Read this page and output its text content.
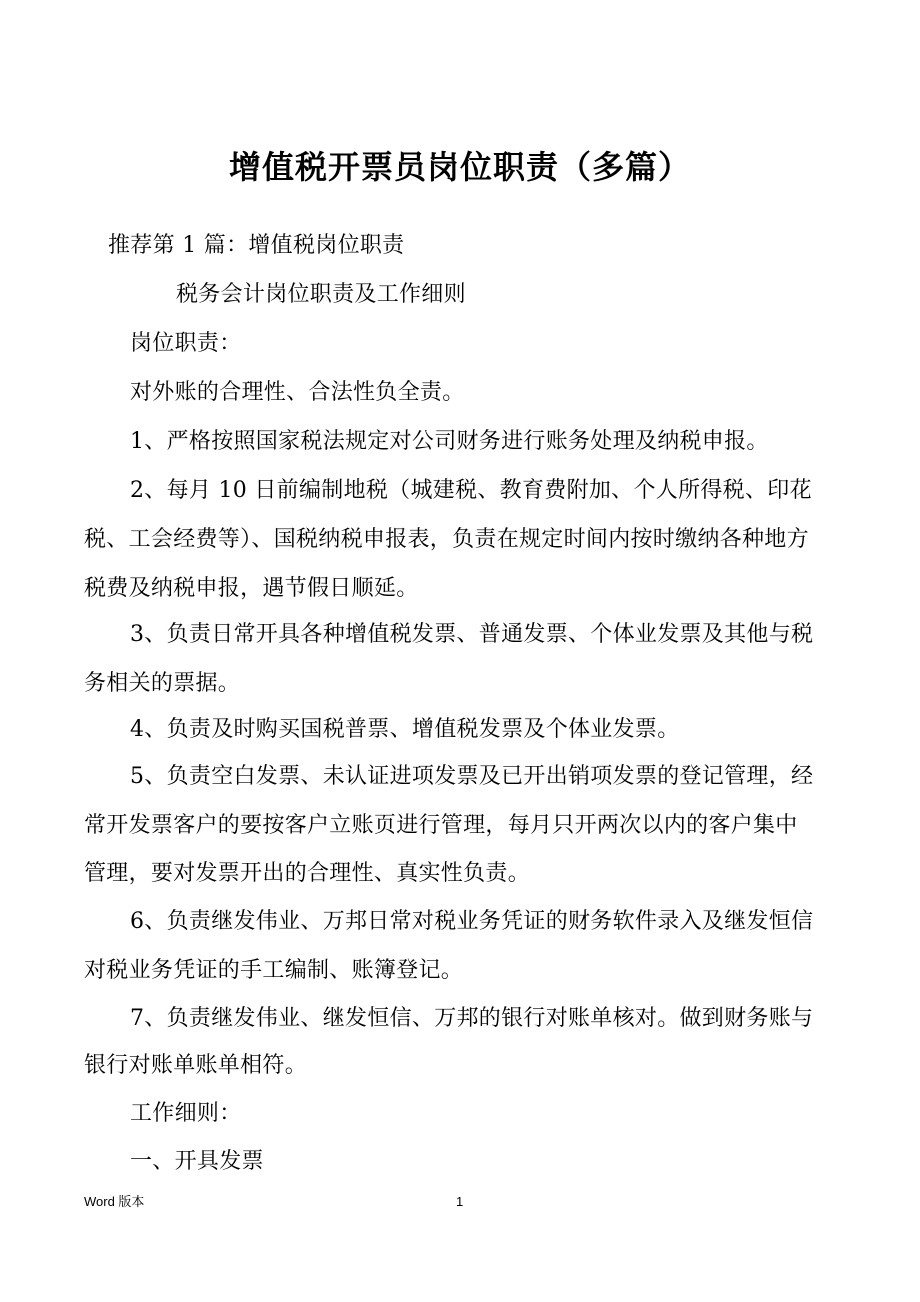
增值税开票员岗位职责（多篇）
推荐第 1 篇：增值税岗位职责
税务会计岗位职责及工作细则
岗位职责：
对外账的合理性、合法性负全责。
1、严格按照国家税法规定对公司财务进行账务处理及纳税申报。
2、每月 10 日前编制地税（城建税、教育费附加、个人所得税、印花
税、工会经费等）、国税纳税申报表，负责在规定时间内按时缴纳各种地方
税费及纳税申报，遇节假日顺延。
3、负责日常开具各种增值税发票、普通发票、个体业发票及其他与税
务相关的票据。
4、负责及时购买国税普票、增值税发票及个体业发票。
5、负责空白发票、未认证进项发票及已开出销项发票的登记管理，经
常开发票客户的要按客户立账页进行管理，每月只开两次以内的客户集中
管理，要对发票开出的合理性、真实性负责。
6、负责继发伟业、万邦日常对税业务凭证的财务软件录入及继发恒信
对税业务凭证的手工编制、账簿登记。
7、负责继发伟业、继发恒信、万邦的银行对账单核对。做到财务账与
银行对账单账单相符。
工作细则：
一、开具发票
Word 版本	1
